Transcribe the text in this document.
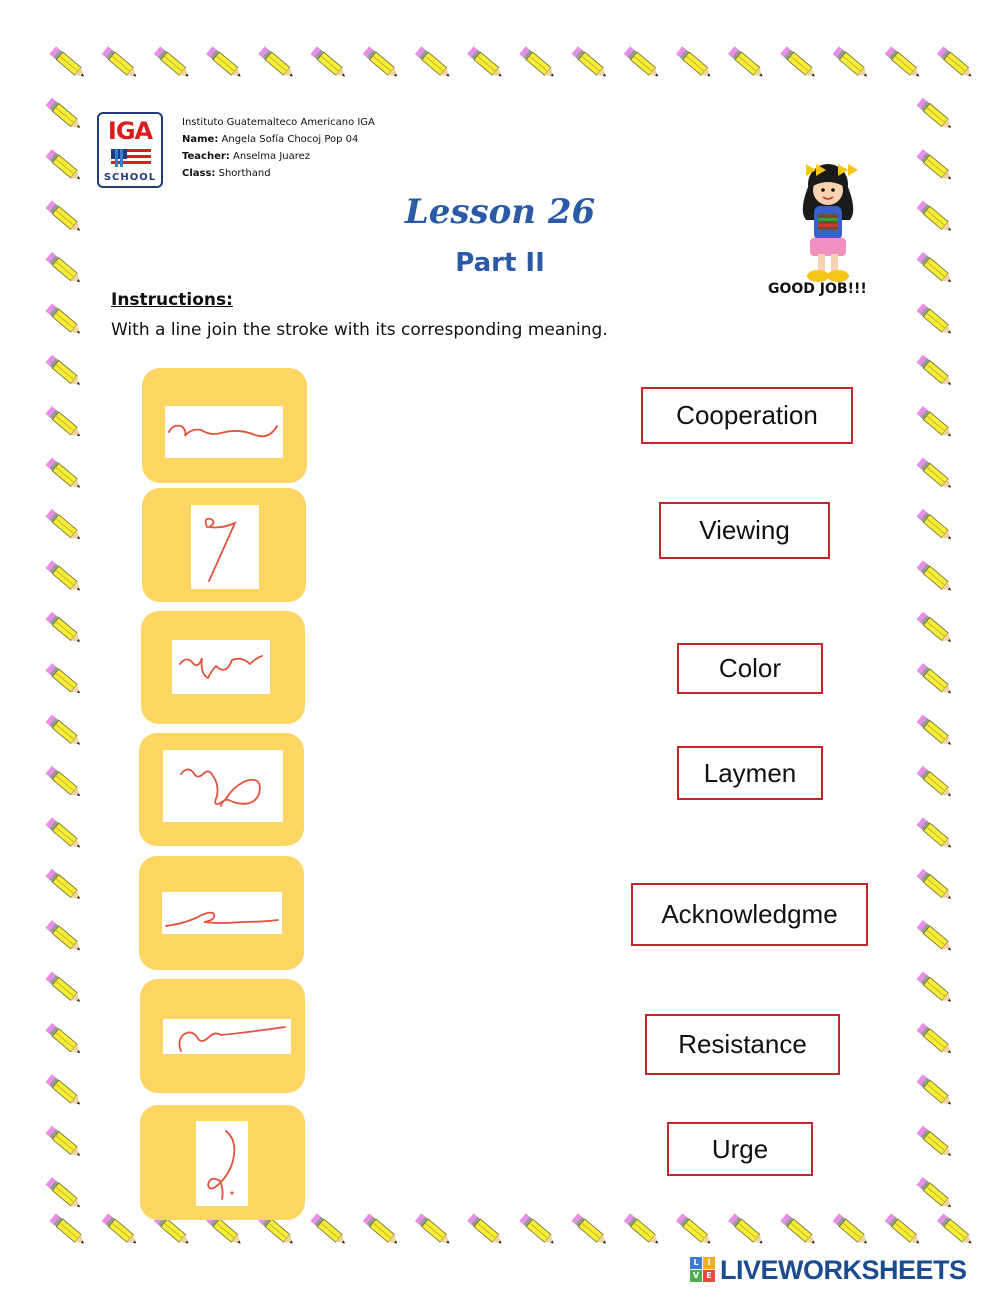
IGA
SCHOOL
Instituto Guatemalteco Americano IGA
Name: Angela Sofía Chocoj Pop 04
Teacher: Anselma Juarez
Class: Shorthand
Lesson 26
Part II
GOOD JOB!!!
Instructions:
With a line join the stroke with its corresponding meaning.
Cooperation
Viewing
Color
Laymen
Acknowledgme
Resistance
Urge
L	I
V E LIVEWORKSHEETS
